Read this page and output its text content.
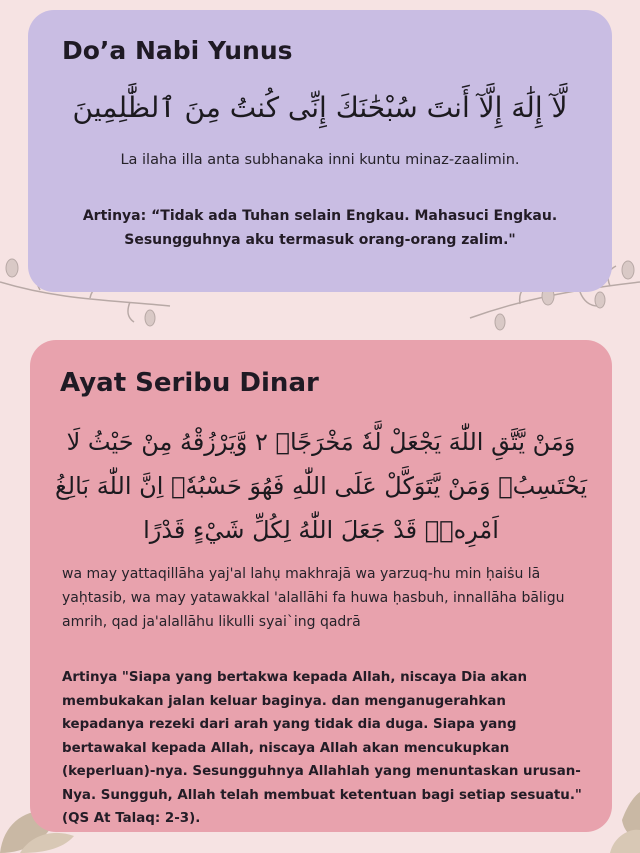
Do’a Nabi Yunus
لَّآ إِلَٰهَ إِلَّآ أَنتَ سُبْحَٰنَكَ إِنِّى كُنتُ مِنَ ٱلظَّٰلِمِينَ
La ilaha illa anta subhanaka inni kuntu minaz-zaalimin.
Artinya: “Tidak ada Tuhan selain Engkau. Mahasuci Engkau. Sesungguhnya aku termasuk orang-orang zalim."
Ayat Seribu Dinar
وَمَنْ يَّتَّقِ اللّٰهَ يَجْعَلْ لَّهٗ مَخْرَجًاۙ ٢ وَّيَرْزُقْهُ مِنْ حَيْثُ لَا يَحْتَسِبُۗ وَمَنْ يَّتَوَكَّلْ عَلَى اللّٰهِ فَهُوَ حَسْبُهٗۗ اِنَّ اللّٰهَ بَالِغُ اَمْرِهٖۗ قَدْ جَعَلَ اللّٰهُ لِكُلِّ شَيْءٍ قَدْرًا
wa may yattaqillāha yaj'al lahụ makhrajā wa yarzuq-hu min ḥaiṡu lā yaḥtasib, wa may yatawakkal 'alallāhi fa huwa ḥasbuh, innallāha bāligu amrih, qad ja'alallāhu likulli syai`ing qadrā
Artinya "Siapa yang bertakwa kepada Allah, niscaya Dia akan membukakan jalan keluar baginya. dan menganugerahkan kepadanya rezeki dari arah yang tidak dia duga. Siapa yang bertawakal kepada Allah, niscaya Allah akan mencukupkan (keperluan)-nya. Sesungguhnya Allahlah yang menuntaskan urusan-Nya. Sungguh, Allah telah membuat ketentuan bagi setiap sesuatu." (QS At Talaq: 2-3).
